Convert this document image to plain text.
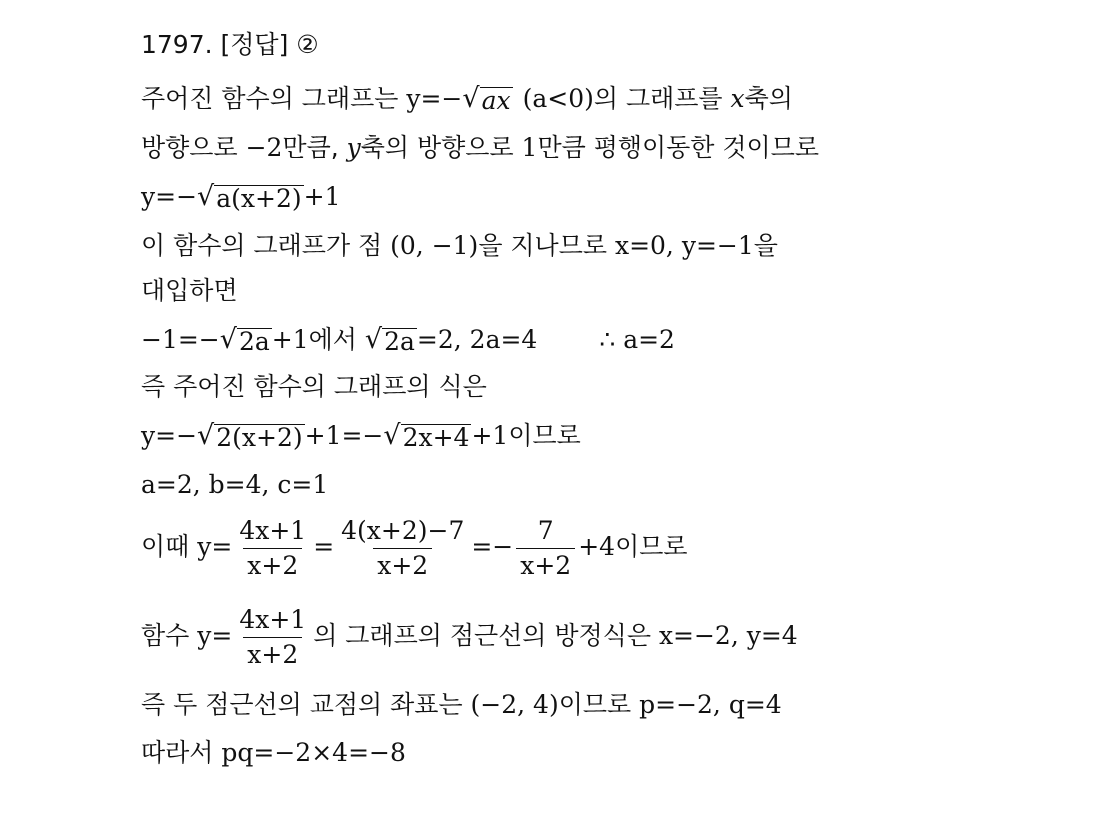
1797. [정답] ②
주어진 함수의 그래프는 y=− √ ax (a<0)의 그래프를 x축의
방향으로 −2만큼, y축의 방향으로 1만큼 평행이동한 것이므로
y=− √ a(x+2) +1
이 함수의 그래프가 점 (0, −1)을 지나므로 x=0, y=−1을
대입하면
−1=− √ 2a +1에서 √ 2a =2, 2a=4 ∴ a=2
즉 주어진 함수의 그래프의 식은
y=− √ 2(x+2) +1=− √ 2x+4 +1이므로
a=2, b=4, c=1
이때 $y= \frac{4x+1}{x+2} = \frac{4(x+2)-7}{x+2} =- \frac{7}{x+2} +4$이므로
함수 $y= \frac{4x+1}{x+2}$ 의 그래프의 점근선의 방정식은 x=−2, y=4
즉 두 점근선의 교점의 좌표는 (−2, 4)이므로 p=−2, q=4
따라서 pq=−2×4=−8
